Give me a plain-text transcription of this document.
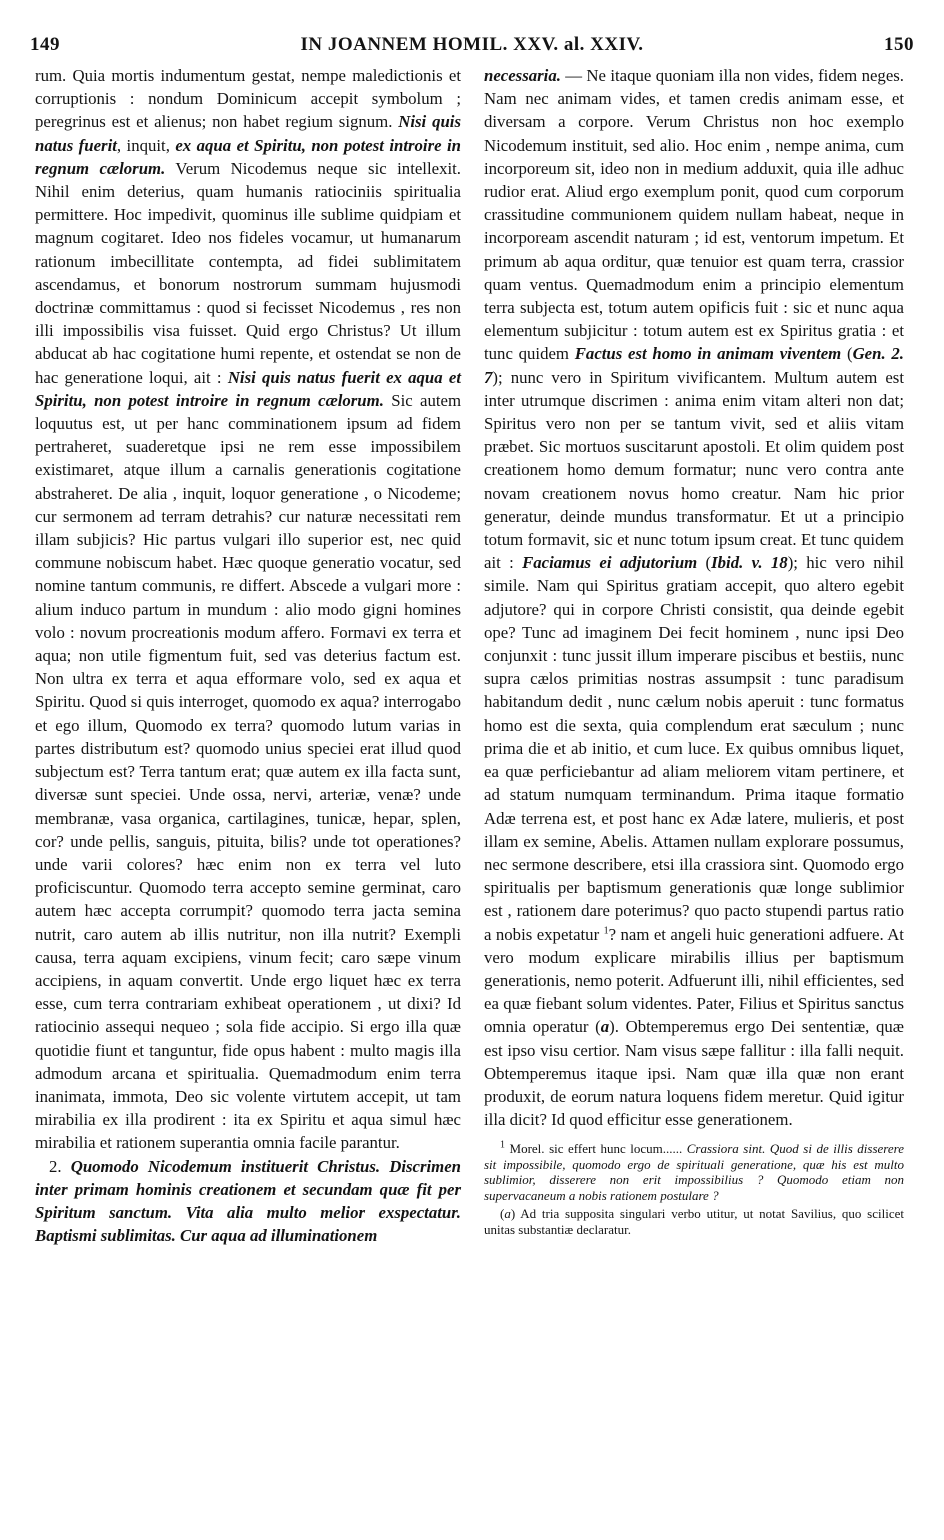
149	IN JOANNEM HOMIL. XXV. al. XXIV.	150

rum. Quia mortis indumentum gestat, nempe maledictionis et corruptionis : nondum Dominicum accepit symbolum ; peregrinus est et alienus; non habet regium signum. Nisi quis natus fuerit, inquit, ex aqua et Spiritu, non potest introire in regnum cælorum. Verum Nicodemus neque sic intellexit. Nihil enim deterius, quam humanis ratiociniis spiritualia permittere. Hoc impedivit, quominus ille sublime quidpiam et magnum cogitaret. Ideo nos fideles vocamur, ut humanarum rationum imbecillitate contempta, ad fidei sublimitatem ascendamus, et bonorum nostrorum summam hujusmodi doctrinæ committamus : quod si fecisset Nicodemus , res non illi impossibilis visa fuisset. Quid ergo Christus? Ut illum abducat ab hac cogitatione humi repente, et ostendat se non de hac generatione loqui, ait : Nisi quis natus fuerit ex aqua et Spiritu, non potest introire in regnum cælorum. Sic autem loquutus est, ut per hanc comminationem ipsum ad fidem pertraheret, suaderetque ipsi ne rem esse impossibilem existimaret, atque illum a carnalis generationis cogitatione abstraheret. De alia , inquit, loquor generatione , o Nicodeme; cur sermonem ad terram detrahis? cur naturæ necessitati rem illam subjicis? Hic partus vulgari illo superior est, nec quid commune nobiscum habet. Hæc quoque generatio vocatur, sed nomine tantum communis, re differt. Abscede a vulgari more : alium induco partum in mundum : alio modo gigni homines volo : novum procreationis modum affero. Formavi ex terra et aqua; non utile figmentum fuit, sed vas deterius factum est. Non ultra ex terra et aqua efformare volo, sed ex aqua et Spiritu. Quod si quis interroget, quomodo ex aqua? interrogabo et ego illum, Quomodo ex terra? quomodo lutum varias in partes distributum est? quomodo unius speciei erat illud quod subjectum est? Terra tantum erat; quæ autem ex illa facta sunt, diversæ sunt speciei. Unde ossa, nervi, arteriæ, venæ? unde membranæ, vasa organica, cartilagines, tunicæ, hepar, splen, cor? unde pellis, sanguis, pituita, bilis? unde tot operationes? unde varii colores? hæc enim non ex terra vel luto proficiscuntur. Quomodo terra accepto semine germinat, caro autem hæc accepta corrumpit? quomodo terra jacta semina nutrit, caro autem ab illis nutritur, non illa nutrit? Exempli causa, terra aquam excipiens, vinum fecit; caro sæpe vinum accipiens, in aquam convertit. Unde ergo liquet hæc ex terra esse, cum terra contrariam exhibeat operationem , ut dixi? Id ratiocinio assequi nequeo ; sola fide accipio. Si ergo illa quæ quotidie fiunt et tanguntur, fide opus habent : multo magis illa admodum arcana et spiritualia. Quemadmodum enim terra inanimata, immota, Deo sic volente virtutem accepit, ut tam mirabilia ex illa prodirent : ita ex Spiritu et aqua simul hæc mirabilia et rationem superantia omnia facile parantur.

2. Quomodo Nicodemum instituerit Christus. Discrimen inter primam hominis creationem et secundam quæ fit per Spiritum sanctum. Vita alia multo melior exspectatur. Baptismi sublimitas. Cur aqua ad illuminationem

necessaria. — Ne itaque quoniam illa non vides, fidem neges. Nam nec animam vides, et tamen credis animam esse, et diversam a corpore. Verum Christus non hoc exemplo Nicodemum instituit, sed alio. Hoc enim , nempe anima, cum incorporeum sit, ideo non in medium adduxit, quia ille adhuc rudior erat. Aliud ergo exemplum ponit, quod cum corporum crassitudine communionem quidem nullam habeat, neque in incorpoream ascendit naturam ; id est, ventorum impetum. Et primum ab aqua orditur, quæ tenuior est quam terra, crassior quam ventus. Quemadmodum enim a principio elementum terra subjecta est, totum autem opificis fuit : sic et nunc aqua elementum subjicitur : totum autem est ex Spiritus gratia : et tunc quidem Factus est homo in animam viventem (Gen. 2. 7); nunc vero in Spiritum vivificantem. Multum autem est inter utrumque discrimen : anima enim vitam alteri non dat; Spiritus vero non per se tantum vivit, sed et aliis vitam præbet. Sic mortuos suscitarunt apostoli. Et olim quidem post creationem homo demum formatur; nunc vero contra ante novam creationem novus homo creatur. Nam hic prior generatur, deinde mundus transformatur. Et ut a principio totum formavit, sic et nunc totum ipsum creat. Et tunc quidem ait : Faciamus ei adjutorium (Ibid. v. 18); hic vero nihil simile. Nam qui Spiritus gratiam accepit, quo altero egebit adjutore? qui in corpore Christi consistit, qua deinde egebit ope? Tunc ad imaginem Dei fecit hominem , nunc ipsi Deo conjunxit : tunc jussit illum imperare piscibus et bestiis, nunc supra cælos primitias nostras assumpsit : tunc paradisum habitandum dedit , nunc cælum nobis aperuit : tunc formatus homo est die sexta, quia complendum erat sæculum ; nunc prima die et ab initio, et cum luce. Ex quibus omnibus liquet, ea quæ perficiebantur ad aliam meliorem vitam pertinere, et ad statum numquam terminandum. Prima itaque formatio Adæ terrena est, et post hanc ex Adæ latere, mulieris, et post illam ex semine, Abelis. Attamen nullam explorare possumus, nec sermone describere, etsi illa crassiora sint. Quomodo ergo spiritualis per baptismum generationis quæ longe sublimior est , rationem dare poterimus? quo pacto stupendi partus ratio a nobis expetatur $^1$? nam et angeli huic generationi adfuere. At vero modum explicare mirabilis illius per baptismum generationis, nemo poterit. Adfuerunt illi, nihil efficientes, sed ea quæ fiebant solum videntes. Pater, Filius et Spiritus sanctus omnia operatur (a). Obtemperemus ergo Dei sententiæ, quæ est ipso visu certior. Nam visus sæpe fallitur : illa falli nequit. Obtemperemus itaque ipsi. Nam quæ illa quæ non erant produxit, de eorum natura loquens fidem meretur. Quid igitur illa dicit? Id quod efficitur esse generationem.

$^1$ Morel. sic effert hunc locum...... Crassiora sint. Quod si de illis disserere sit impossibile, quomodo ergo de spirituali generatione, quæ his est multo sublimior, disserere non erit impossibilius ? Quomodo etiam non supervacaneum a nobis rationem postulare ?

(a) Ad tria supposita singulari verbo utitur, ut notat Savilius, quo scilicet unitas substantiæ declaratur.
